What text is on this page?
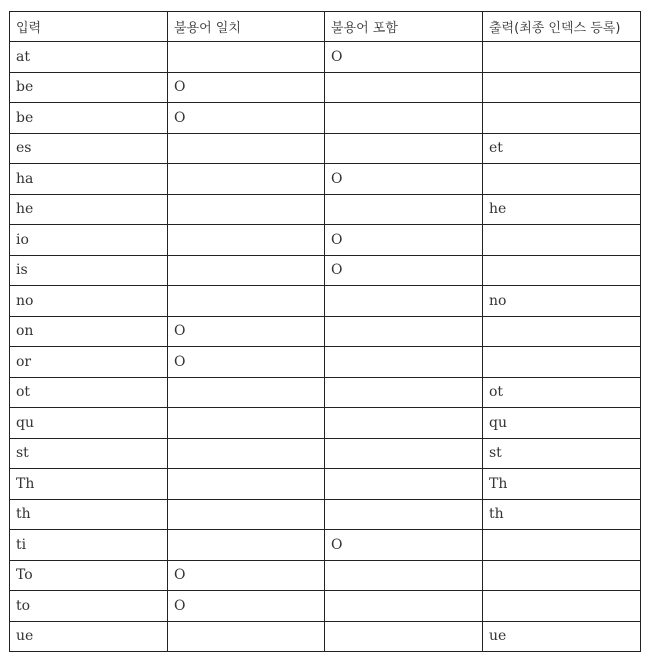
입력	불용어 일치	불용어 포함	출력(최종 인덱스 등록)
at		O	
be	O		
be	O		
es			et
ha		O	
he			he
io		O	
is		O	
no			no
on	O		
or	O		
ot			ot
qu			qu
st			st
Th			Th
th			th
ti		O	
To	O		
to	O		
ue			ue
